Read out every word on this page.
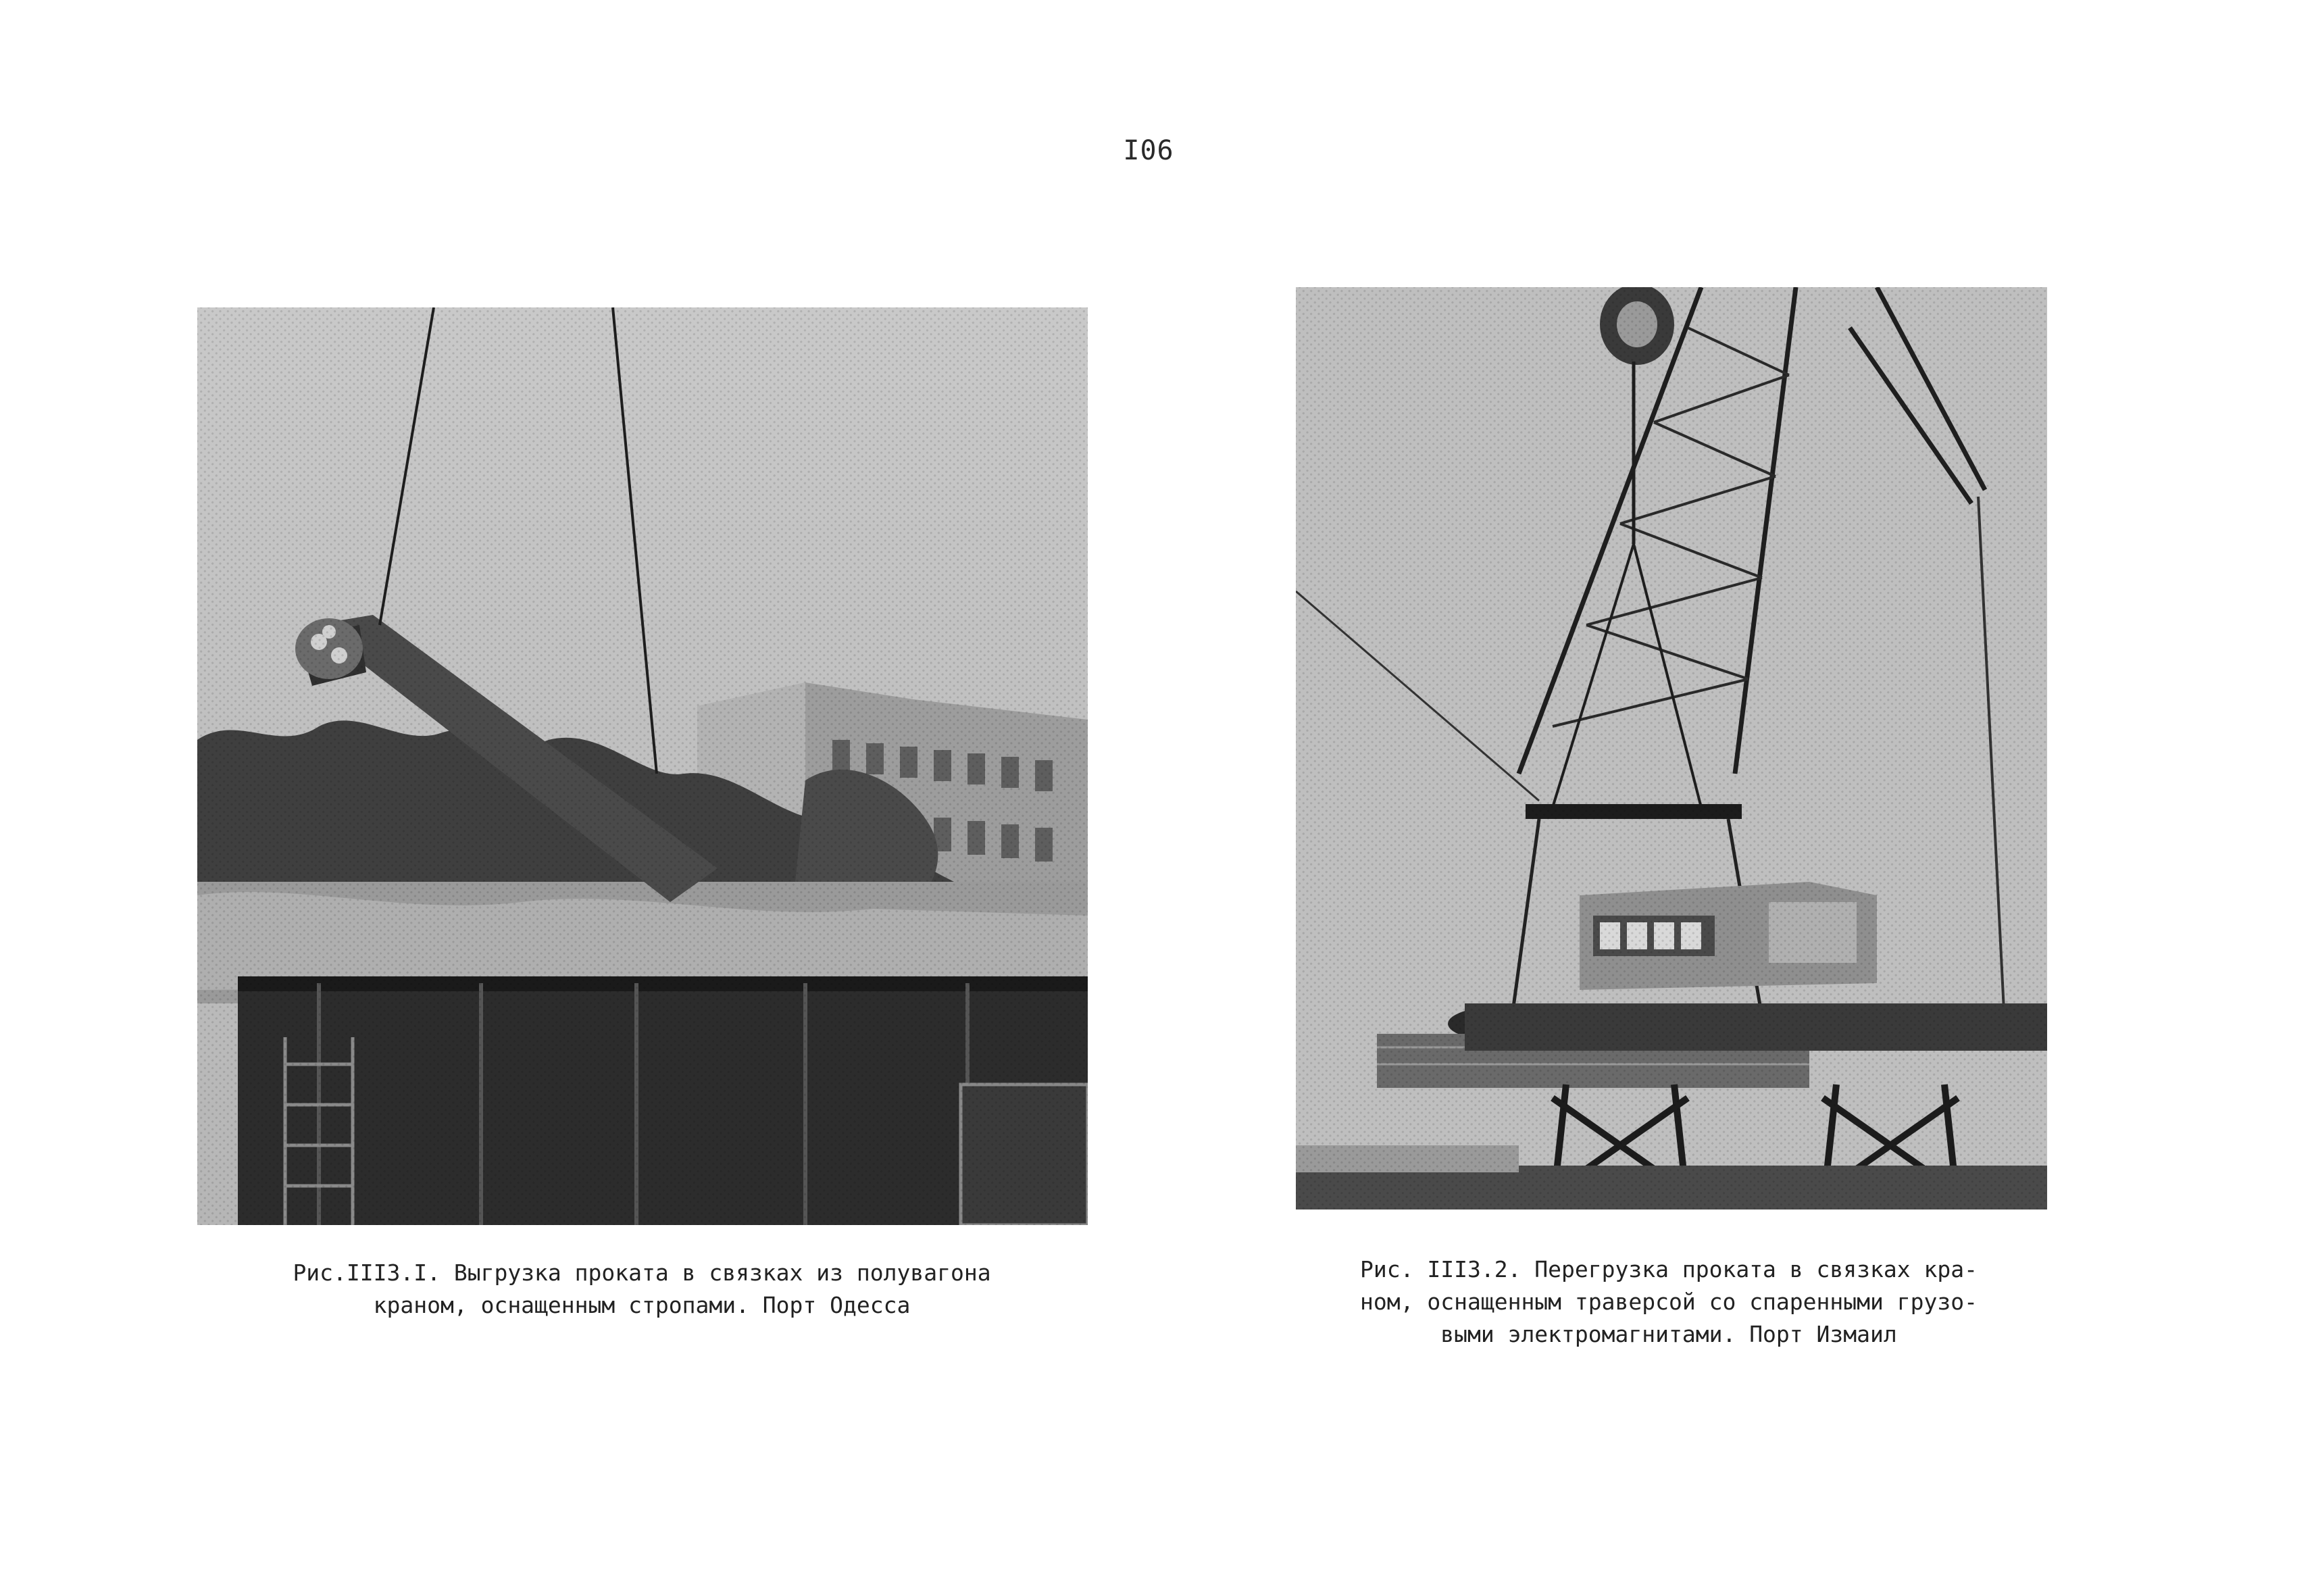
I06
Рис.III3.I. Выгрузка проката в связках из полувагона
краном, оснащенным стропами. Порт Одесса
Рис. III3.2. Перегрузка проката в связках кра-
ном, оснащенным траверсой со спаренными грузо-
выми электромагнитами. Порт Измаил
